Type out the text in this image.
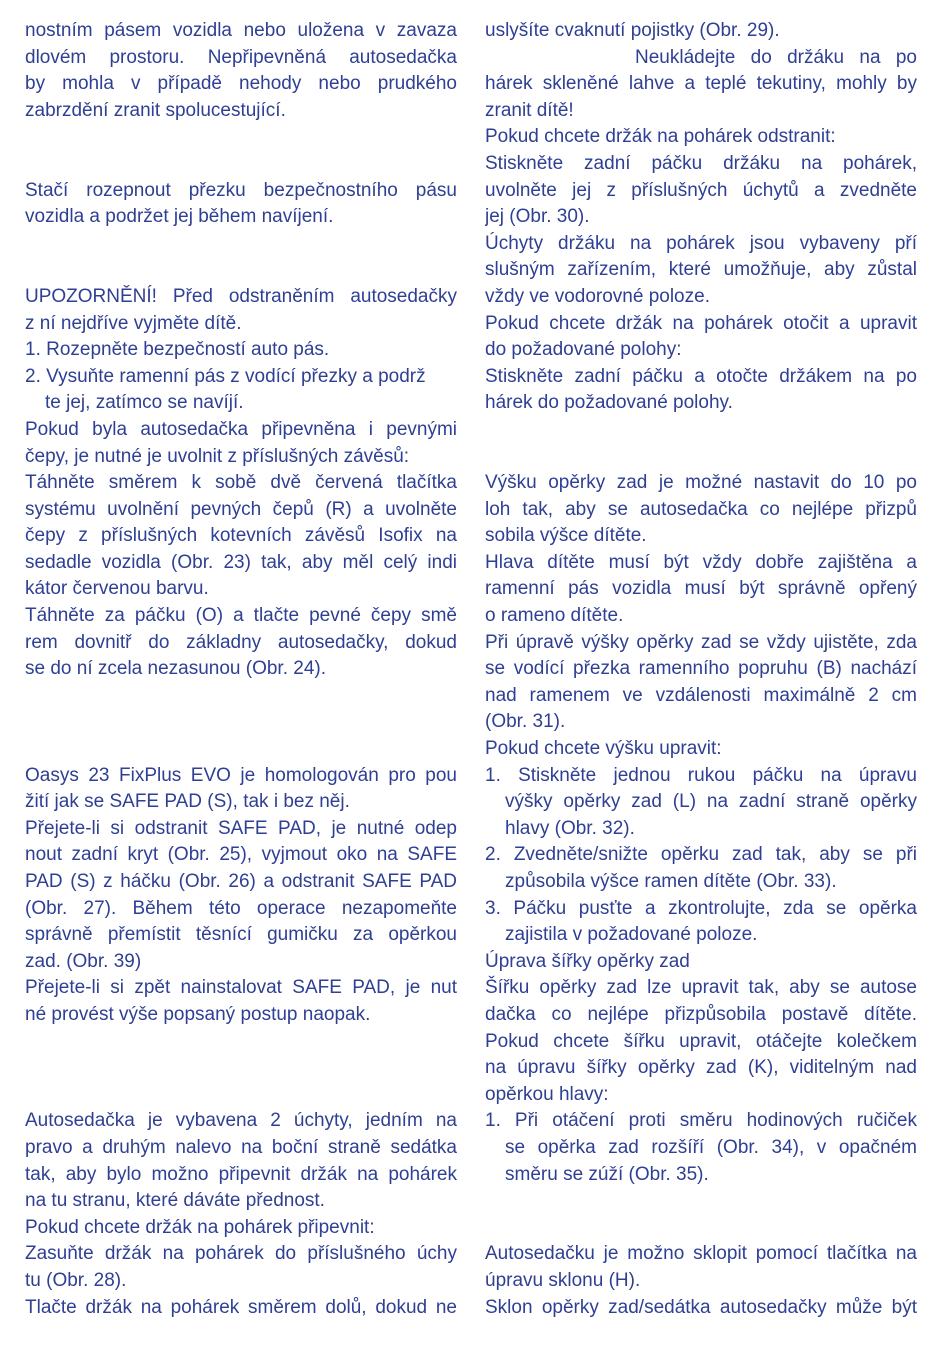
nostním pásem vozidla nebo uložena v zavaza
dlovém prostoru. Nepřipevněná autosedačka
by mohla v případě nehody nebo prudkého
zabrzdění zranit spolucestující.
Stačí rozepnout přezku bezpečnostního pásu
vozidla a podržet jej během navíjení.
UPOZORNĚNÍ! Před odstraněním autosedačky
z ní nejdříve vyjměte dítě.
1. Rozepněte bezpečností auto pás.
2. Vysuňte ramenní pás z vodící přezky a podrž
te jej, zatímco se navíjí.
Pokud byla autosedačka připevněna i pevnými
čepy, je nutné je uvolnit z příslušných závěsů:
Táhněte směrem k sobě dvě červená tlačítka
systému uvolnění pevných čepů (R) a uvolněte
čepy z příslušných kotevních závěsů Isofix na
sedadle vozidla (Obr. 23) tak, aby měl celý indi
kátor červenou barvu.
Táhněte za páčku (O) a tlačte pevné čepy smě
rem dovnitř do základny autosedačky, dokud
se do ní zcela nezasunou (Obr. 24).
Oasys 23 FixPlus EVO je homologován pro pou
žití jak se SAFE PAD (S), tak i bez něj.
Přejete-li si odstranit SAFE PAD, je nutné odep
nout zadní kryt (Obr. 25), vyjmout oko na SAFE
PAD (S) z háčku (Obr. 26) a odstranit SAFE PAD
(Obr. 27). Během této operace nezapomeňte
správně přemístit těsnící gumičku za opěrkou
zad. (Obr. 39)
Přejete-li si zpět nainstalovat SAFE PAD, je nut
né provést výše popsaný postup naopak.
Autosedačka je vybavena 2 úchyty, jedním na
pravo a druhým nalevo na boční straně sedátka
tak, aby bylo možno připevnit držák na pohárek
na tu stranu, které dáváte přednost.
Pokud chcete držák na pohárek připevnit:
Zasuňte držák na pohárek do příslušného úchy
tu (Obr. 28).
Tlačte držák na pohárek směrem dolů, dokud ne
uslyšíte cvaknutí pojistky (Obr. 29).
Neukládejte do držáku na po
hárek skleněné lahve a teplé tekutiny, mohly by
zranit dítě!
Pokud chcete držák na pohárek odstranit:
Stiskněte zadní páčku držáku na pohárek,
uvolněte jej z příslušných úchytů a zvedněte
jej (Obr. 30).
Úchyty držáku na pohárek jsou vybaveny pří
slušným zařízením, které umožňuje, aby zůstal
vždy ve vodorovné poloze.
Pokud chcete držák na pohárek otočit a upravit
do požadované polohy:
Stiskněte zadní páčku a otočte držákem na po
hárek do požadované polohy.
Výšku opěrky zad je možné nastavit do 10 po
loh tak, aby se autosedačka co nejlépe přizpů
sobila výšce dítěte.
Hlava dítěte musí být vždy dobře zajištěna a
ramenní pás vozidla musí být správně opřený
o rameno dítěte.
Při úpravě výšky opěrky zad se vždy ujistěte, zda
se vodící přezka ramenního popruhu (B) nachází
nad ramenem ve vzdálenosti maximálně 2 cm
(Obr. 31).
Pokud chcete výšku upravit:
1. Stiskněte jednou rukou páčku na úpravu
výšky opěrky zad (L) na zadní straně opěrky
hlavy (Obr. 32).
2. Zvedněte/snižte opěrku zad tak, aby se při
způsobila výšce ramen dítěte (Obr. 33).
3. Páčku pusťte a zkontrolujte, zda se opěrka
zajistila v požadované poloze.
Úprava šířky opěrky zad
Šířku opěrky zad lze upravit tak, aby se autose
dačka co nejlépe přizpůsobila postavě dítěte.
Pokud chcete šířku upravit, otáčejte kolečkem
na úpravu šířky opěrky zad (K), viditelným nad
opěrkou hlavy:
1. Při otáčení proti směru hodinových ručiček
se opěrka zad rozšíří (Obr. 34), v opačném
směru se zúží (Obr. 35).
Autosedačku je možno sklopit pomocí tlačítka na
úpravu sklonu (H).
Sklon opěrky zad/sedátka autosedačky může být
